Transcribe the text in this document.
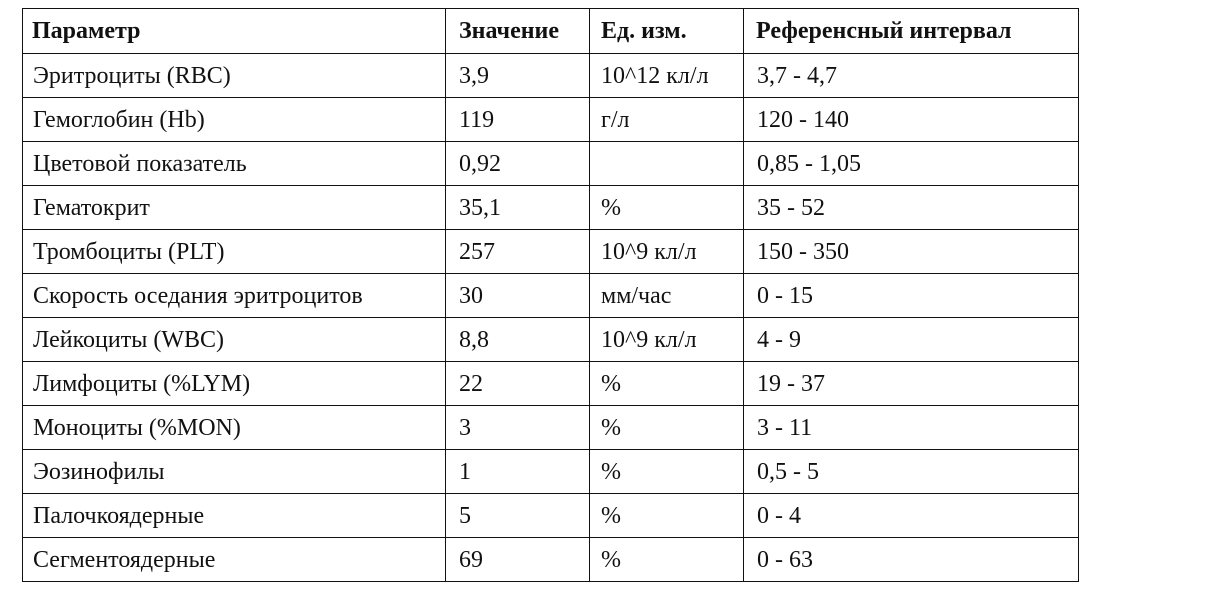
Параметр	Значение	Ед. изм.	Референсный интервал
Эритроциты (RBC)	3,9	10^12 кл/л	3,7 - 4,7
Гемоглобин (Hb)	119	г/л	120 - 140
Цветовой показатель	0,92		0,85 - 1,05
Гематокрит	35,1	%	35 - 52
Тромбоциты (PLT)	257	10^9 кл/л	150 - 350
Скорость оседания эритроцитов	30	мм/час	0 - 15
Лейкоциты (WBC)	8,8	10^9 кл/л	4 - 9
Лимфоциты (%LYM)	22	%	19 - 37
Моноциты (%MON)	3	%	3 - 11
Эозинофилы	1	%	0,5 - 5
Палочкоядерные	5	%	0 - 4
Сегментоядерные	69	%	0 - 63
